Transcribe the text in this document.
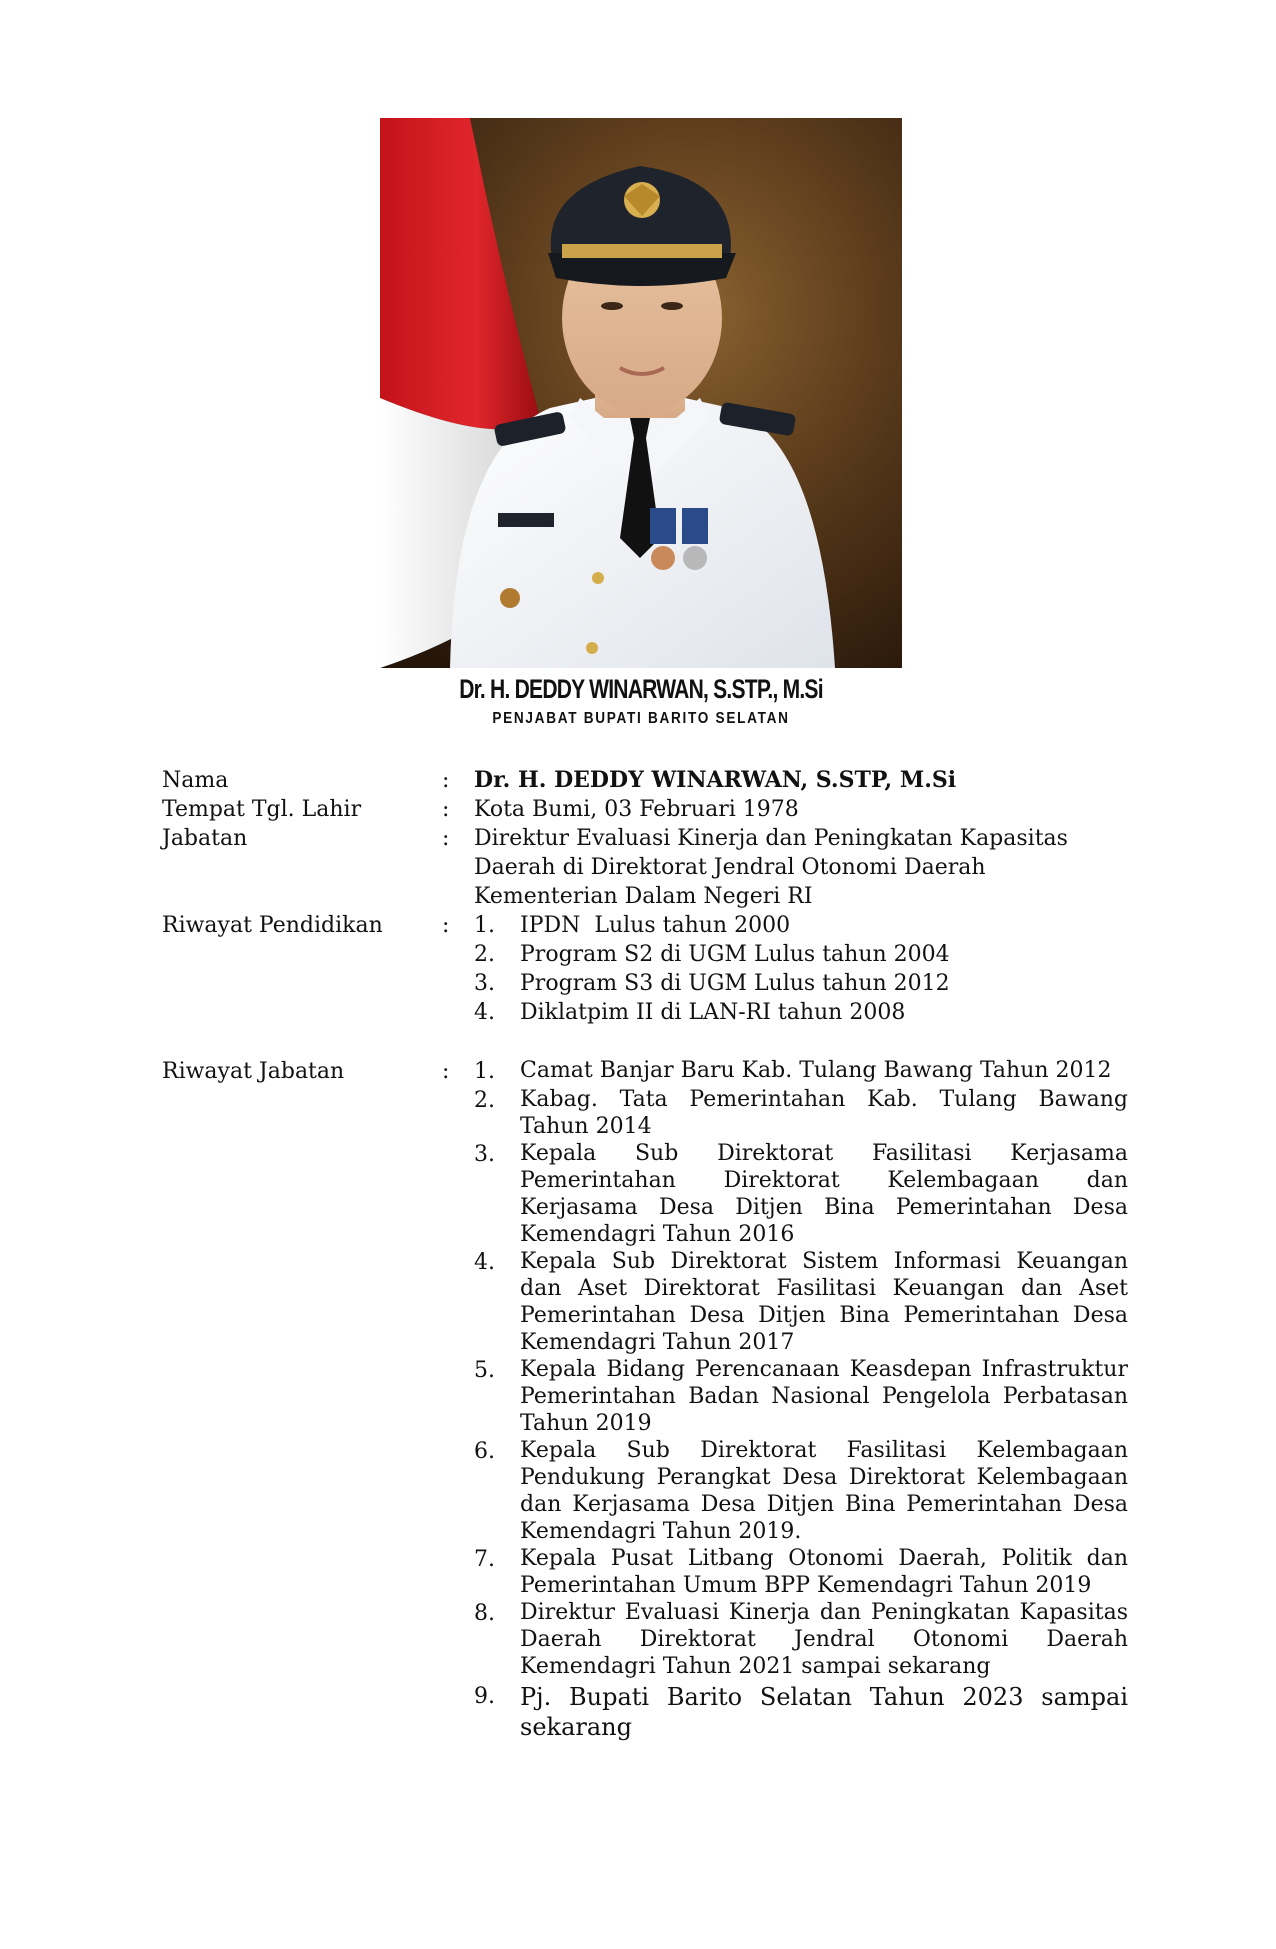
Dr. H. DEDDY WINARWAN, S.STP., M.Si
PENJABAT BUPATI BARITO SELATAN
Nama	:	Dr. H. DEDDY WINARWAN, S.STP, M.Si
Tempat Tgl. Lahir	:	Kota Bumi, 03 Februari 1978
Jabatan	:	Direktur Evaluasi Kinerja dan Peningkatan Kapasitas Daerah di Direktorat Jendral Otonomi Daerah Kementerian Dalam Negeri RI
Riwayat Pendidikan	:	1.	IPDN  Lulus tahun 2000
2.	Program S2 di UGM Lulus tahun 2004
3.	Program S3 di UGM Lulus tahun 2012
4.	Diklatpim II di LAN-RI tahun 2008
Riwayat Jabatan	:	1.	Camat Banjar Baru Kab. Tulang Bawang Tahun 2012
2.	Kabag. Tata Pemerintahan Kab. Tulang Bawang Tahun 2014
3.	Kepala Sub Direktorat Fasilitasi Kerjasama Pemerintahan Direktorat Kelembagaan dan Kerjasama Desa Ditjen Bina Pemerintahan Desa Kemendagri Tahun 2016
4.	Kepala Sub Direktorat Sistem Informasi Keuangan dan Aset Direktorat Fasilitasi Keuangan dan Aset Pemerintahan Desa Ditjen Bina Pemerintahan Desa Kemendagri Tahun 2017
5.	Kepala Bidang Perencanaan Keasdepan Infrastruktur Pemerintahan Badan Nasional Pengelola Perbatasan Tahun 2019
6.	Kepala Sub Direktorat Fasilitasi Kelembagaan Pendukung Perangkat Desa Direktorat Kelembagaan dan Kerjasama Desa Ditjen Bina Pemerintahan Desa Kemendagri Tahun 2019.
7.	Kepala Pusat Litbang Otonomi Daerah, Politik dan Pemerintahan Umum BPP Kemendagri Tahun 2019
8.	Direktur Evaluasi Kinerja dan Peningkatan Kapasitas Daerah Direktorat Jendral Otonomi Daerah Kemendagri Tahun 2021 sampai sekarang
9.	Pj. Bupati Barito Selatan Tahun 2023 sampai sekarang
